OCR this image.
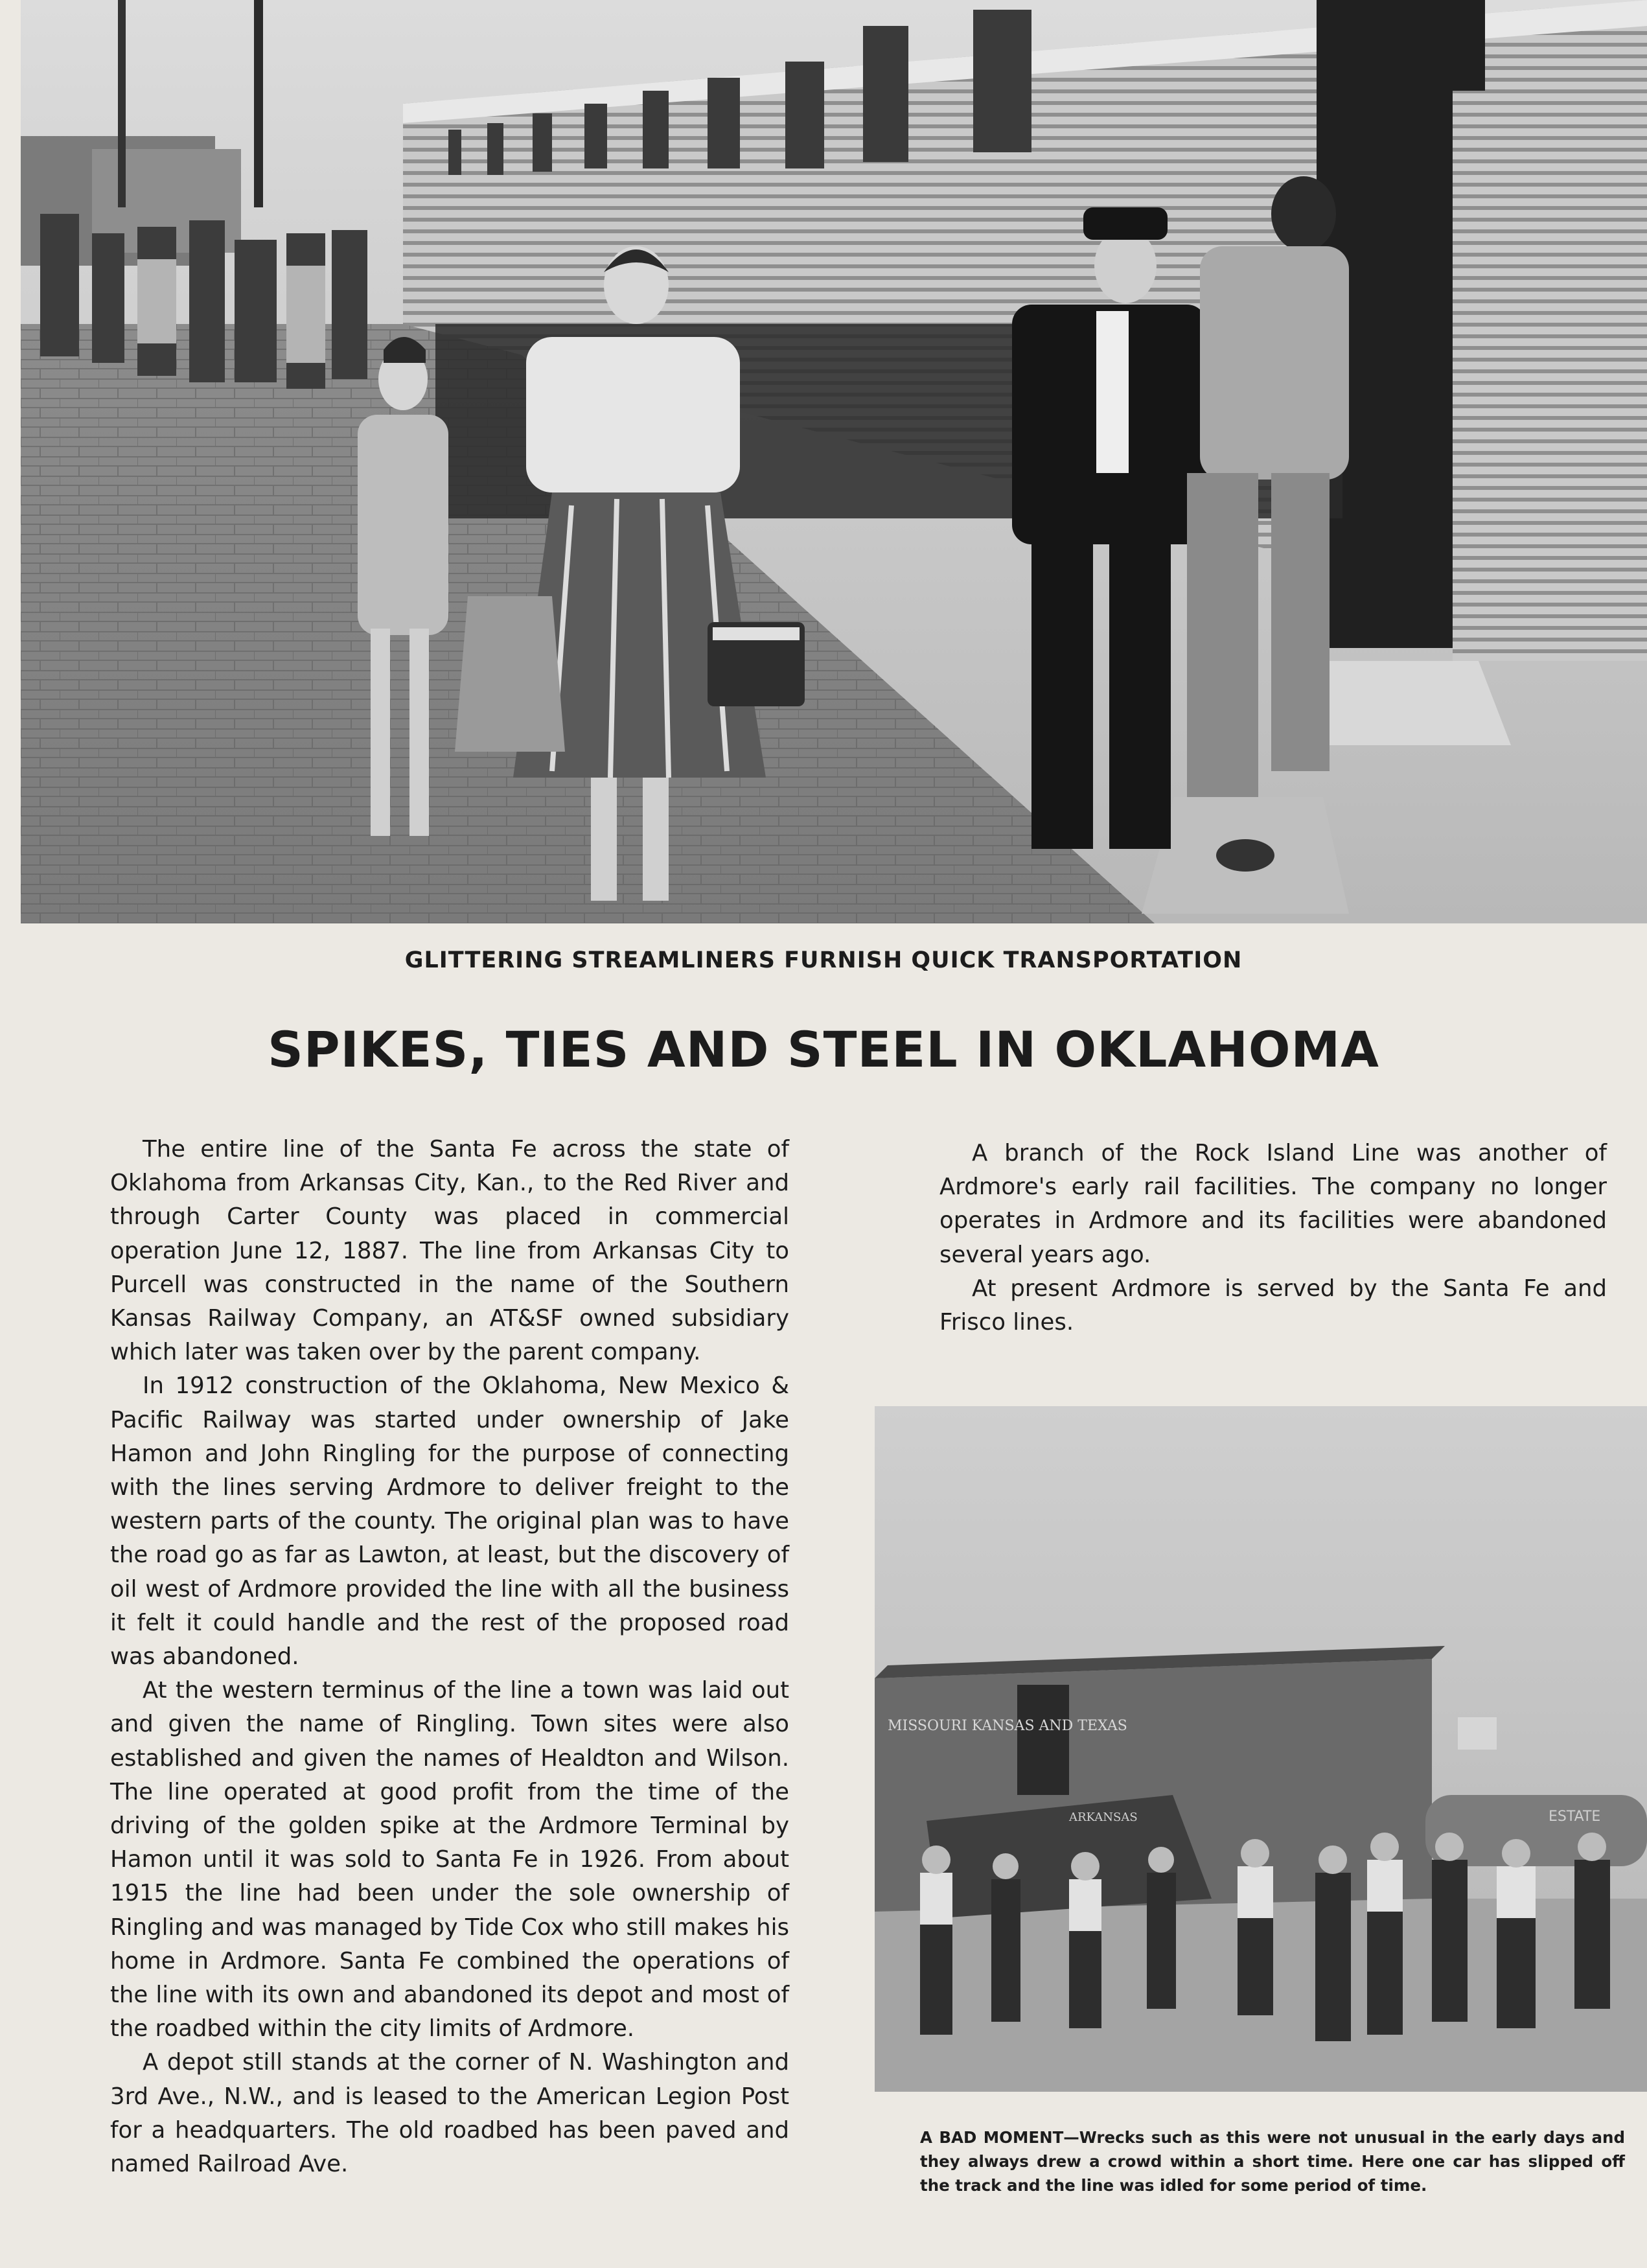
GLITTERING STREAMLINERS FURNISH QUICK TRANSPORTATION
SPIKES, TIES AND STEEL IN OKLAHOMA

The entire line of the Santa Fe across the state of Oklahoma from Arkansas City, Kan., to the Red River and through Carter County was placed in commercial operation June 12, 1887. The line from Arkansas City to Purcell was constructed in the name of the Southern Kansas Railway Company, an AT&SF owned subsidiary which later was taken over by the parent company.

In 1912 construction of the Oklahoma, New Mexico & Pacific Railway was started under ownership of Jake Hamon and John Ringling for the purpose of connecting with the lines serving Ardmore to deliver freight to the western parts of the county. The original plan was to have the road go as far as Lawton, at least, but the discovery of oil west of Ardmore provided the line with all the business it felt it could handle and the rest of the proposed road was abandoned.

At the western terminus of the line a town was laid out and given the name of Ringling. Town sites were also established and given the names of Healdton and Wilson. The line operated at good profit from the time of the driving of the golden spike at the Ardmore Terminal by Hamon until it was sold to Santa Fe in 1926. From about 1915 the line had been under the sole ownership of Ringling and was managed by Tide Cox who still makes his home in Ardmore. Santa Fe combined the operations of the line with its own and abandoned its depot and most of the roadbed within the city limits of Ardmore.

A depot still stands at the corner of N. Washington and 3rd Ave., N.W., and is leased to the American Legion Post for a headquarters. The old roadbed has been paved and named Railroad Ave.

A branch of the Rock Island Line was another of Ardmore's early rail facilities. The company no longer operates in Ardmore and its facilities were abandoned several years ago.

At present Ardmore is served by the Santa Fe and Frisco lines.

MISSOURI KANSAS AND TEXAS
ARKANSAS	ESTATE
A BAD MOMENT—Wrecks such as this were not unusual in the early days and they always drew a crowd within a short time. Here one car has slipped off the track and the line was idled for some period of time.
